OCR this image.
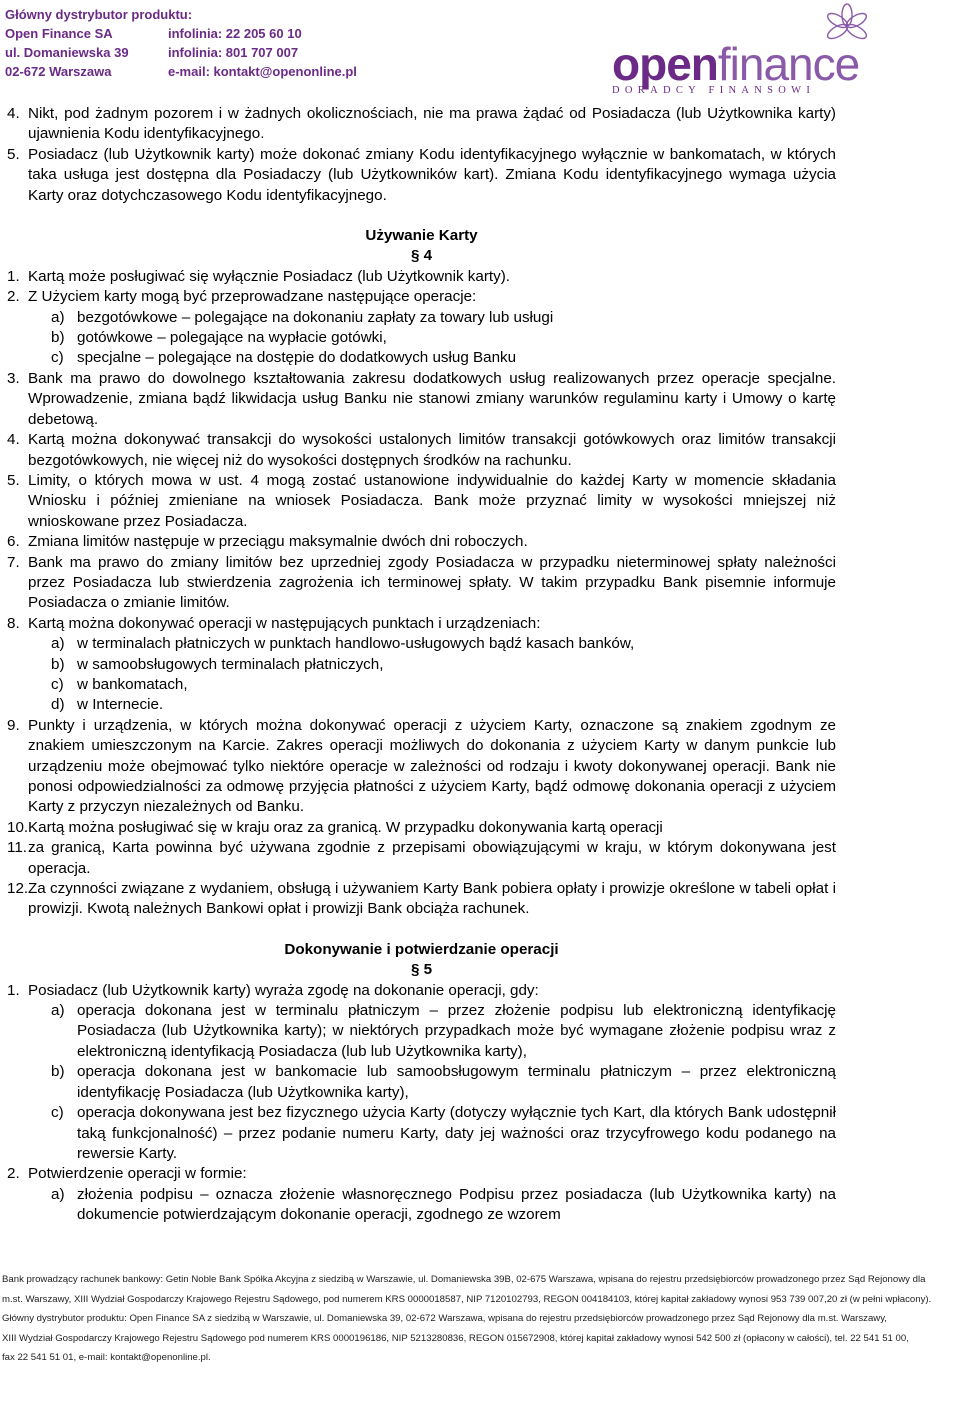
Główny dystrybutor produktu:
Open Finance SA	infolinia: 22 205 60 10
ul. Domaniewska 39	infolinia: 801 707 007
02-672 Warszawa	e-mail: kontakt@openonline.pl	openfinance
DORADCY FINANSOWI
4. Nikt, pod żadnym pozorem i w żadnych okolicznościach, nie ma prawa żądać od Posiadacza (lub Użytkownika karty) ujawnienia Kodu identyfikacyjnego.
5. Posiadacz (lub Użytkownik karty) może dokonać zmiany Kodu identyfikacyjnego wyłącznie w bankomatach, w których taka usługa jest dostępna dla Posiadaczy (lub Użytkowników kart). Zmiana Kodu identyfikacyjnego wymaga użycia Karty oraz dotychczasowego Kodu identyfikacyjnego.
Używanie Karty
§ 4
1. Kartą może posługiwać się wyłącznie Posiadacz (lub Użytkownik karty).
2. Z Użyciem karty mogą być przeprowadzane następujące operacje:
a) bezgotówkowe – polegające na dokonaniu zapłaty za towary lub usługi
b) gotówkowe – polegające na wypłacie gotówki,
c) specjalne – polegające na dostępie do dodatkowych usług Banku
3. Bank ma prawo do dowolnego kształtowania zakresu dodatkowych usług realizowanych przez operacje specjalne. Wprowadzenie, zmiana bądź likwidacja usług Banku nie stanowi zmiany warunków regulaminu karty i Umowy o kartę debetową.
4. Kartą można dokonywać transakcji do wysokości ustalonych limitów transakcji gotówkowych oraz limitów transakcji bezgotówkowych, nie więcej niż do wysokości dostępnych środków na rachunku.
5. Limity, o których mowa w ust. 4 mogą zostać ustanowione indywidualnie do każdej Karty w momencie składania Wniosku i później zmieniane na wniosek Posiadacza. Bank może przyznać limity w wysokości mniejszej niż wnioskowane przez Posiadacza.
6. Zmiana limitów następuje w przeciągu maksymalnie dwóch dni roboczych.
7. Bank ma prawo do zmiany limitów bez uprzedniej zgody Posiadacza w przypadku nieterminowej spłaty należności przez Posiadacza lub stwierdzenia zagrożenia ich terminowej spłaty. W takim przypadku Bank pisemnie informuje Posiadacza o zmianie limitów.
8. Kartą można dokonywać operacji w następujących punktach i urządzeniach:
a) w terminalach płatniczych w punktach handlowo-usługowych bądź kasach banków,
b) w samoobsługowych terminalach płatniczych,
c) w bankomatach,
d) w Internecie.
9. Punkty i urządzenia, w których można dokonywać operacji z użyciem Karty, oznaczone są znakiem zgodnym ze znakiem umieszczonym na Karcie. Zakres operacji możliwych do dokonania z użyciem Karty w danym punkcie lub urządzeniu może obejmować tylko niektóre operacje w zależności od rodzaju i kwoty dokonywanej operacji. Bank nie ponosi odpowiedzialności za odmowę przyjęcia płatności z użyciem Karty, bądź odmowę dokonania operacji z użyciem Karty z przyczyn niezależnych od Banku.
10. Kartą można posługiwać się w kraju oraz za granicą. W przypadku dokonywania kartą operacji
11. za granicą, Karta powinna być używana zgodnie z przepisami obowiązującymi w kraju, w którym dokonywana jest operacja.
12. Za czynności związane z wydaniem, obsługą i używaniem Karty Bank pobiera opłaty i prowizje określone w tabeli opłat i prowizji. Kwotą należnych Bankowi opłat i prowizji Bank obciąża rachunek.
Dokonywanie i potwierdzanie operacji
§ 5
1. Posiadacz (lub Użytkownik karty) wyraża zgodę na dokonanie operacji, gdy:
a) operacja dokonana jest w terminalu płatniczym – przez złożenie podpisu lub elektroniczną identyfikację Posiadacza (lub Użytkownika karty); w niektórych przypadkach może być wymagane złożenie podpisu wraz z elektroniczną identyfikacją Posiadacza (lub lub Użytkownika karty),
b) operacja dokonana jest w bankomacie lub samoobsługowym terminalu płatniczym – przez elektroniczną identyfikację Posiadacza (lub Użytkownika karty),
c) operacja dokonywana jest bez fizycznego użycia Karty (dotyczy wyłącznie tych Kart, dla których Bank udostępnił taką funkcjonalność) – przez podanie numeru Karty, daty jej ważności oraz trzycyfrowego kodu podanego na rewersie Karty.
2. Potwierdzenie operacji w formie:
a) złożenia podpisu – oznacza złożenie własnoręcznego Podpisu przez posiadacza (lub Użytkownika karty) na dokumencie potwierdzającym dokonanie operacji, zgodnego ze wzorem
Bank prowadzący rachunek bankowy: Getin Noble Bank Spółka Akcyjna z siedzibą w Warszawie, ul. Domaniewska 39B, 02-675 Warszawa, wpisana do rejestru przedsiębiorców prowadzonego przez Sąd Rejonowy dla
m.st. Warszawy, XIII Wydział Gospodarczy Krajowego Rejestru Sądowego, pod numerem KRS 0000018587, NIP 7120102793, REGON 004184103, której kapitał zakładowy wynosi 953 739 007,20 zł (w pełni wpłacony).
Główny dystrybutor produktu: Open Finance SA z siedzibą w Warszawie, ul. Domaniewska 39, 02-672 Warszawa, wpisana do rejestru przedsiębiorców prowadzonego przez Sąd Rejonowy dla m.st. Warszawy,
XIII Wydział Gospodarczy Krajowego Rejestru Sądowego pod numerem KRS 0000196186, NIP 5213280836, REGON 015672908, której kapitał zakładowy wynosi 542 500 zł (opłacony w całości), tel. 22 541 51 00,
fax 22 541 51 01, e-mail: kontakt@openonline.pl.
